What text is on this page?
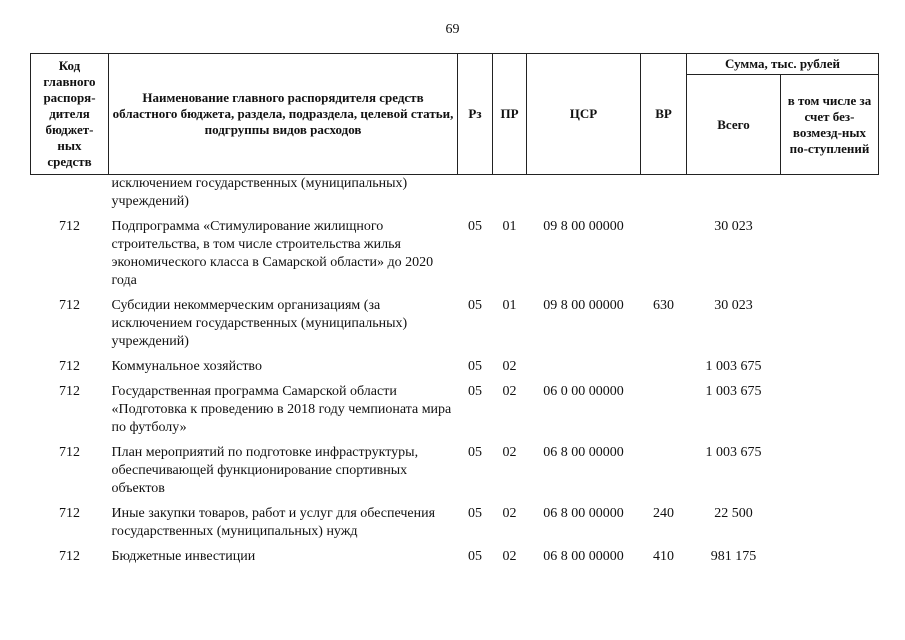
69
Код главного распоря-дителя бюджет-ных средств	Наименование главного распорядителя средств областного бюджета, раздела, подраздела, целевой статьи, подгруппы видов расходов	Рз	ПР	ЦСР	ВР	Сумма, тыс. рублей	
						Всего	в том числе за счет без-возмезд-ных по-ступлений
	исключением государственных (муниципальных) учреждений)						
712	Подпрограмма «Стимулирование жилищного строительства, в том числе строительства жилья экономического класса в Самарской области» до 2020 года	05	01	09 8 00 00000		30 023	
712	Субсидии некоммерческим организациям (за исключением государственных (муниципальных) учреждений)	05	01	09 8 00 00000	630	30 023	
712	Коммунальное хозяйство	05	02			1 003 675	
712	Государственная программа Самарской области «Подготовка к проведению в 2018 году чемпионата мира по футболу»	05	02	06 0 00 00000		1 003 675	
712	План мероприятий по подготовке инфраструктуры, обеспечивающей функционирование спортивных объектов	05	02	06 8 00 00000		1 003 675	
712	Иные закупки товаров, работ и услуг для обеспечения государственных (муниципальных) нужд	05	02	06 8 00 00000	240	22 500	
712	Бюджетные инвестиции	05	02	06 8 00 00000	410	981 175	
